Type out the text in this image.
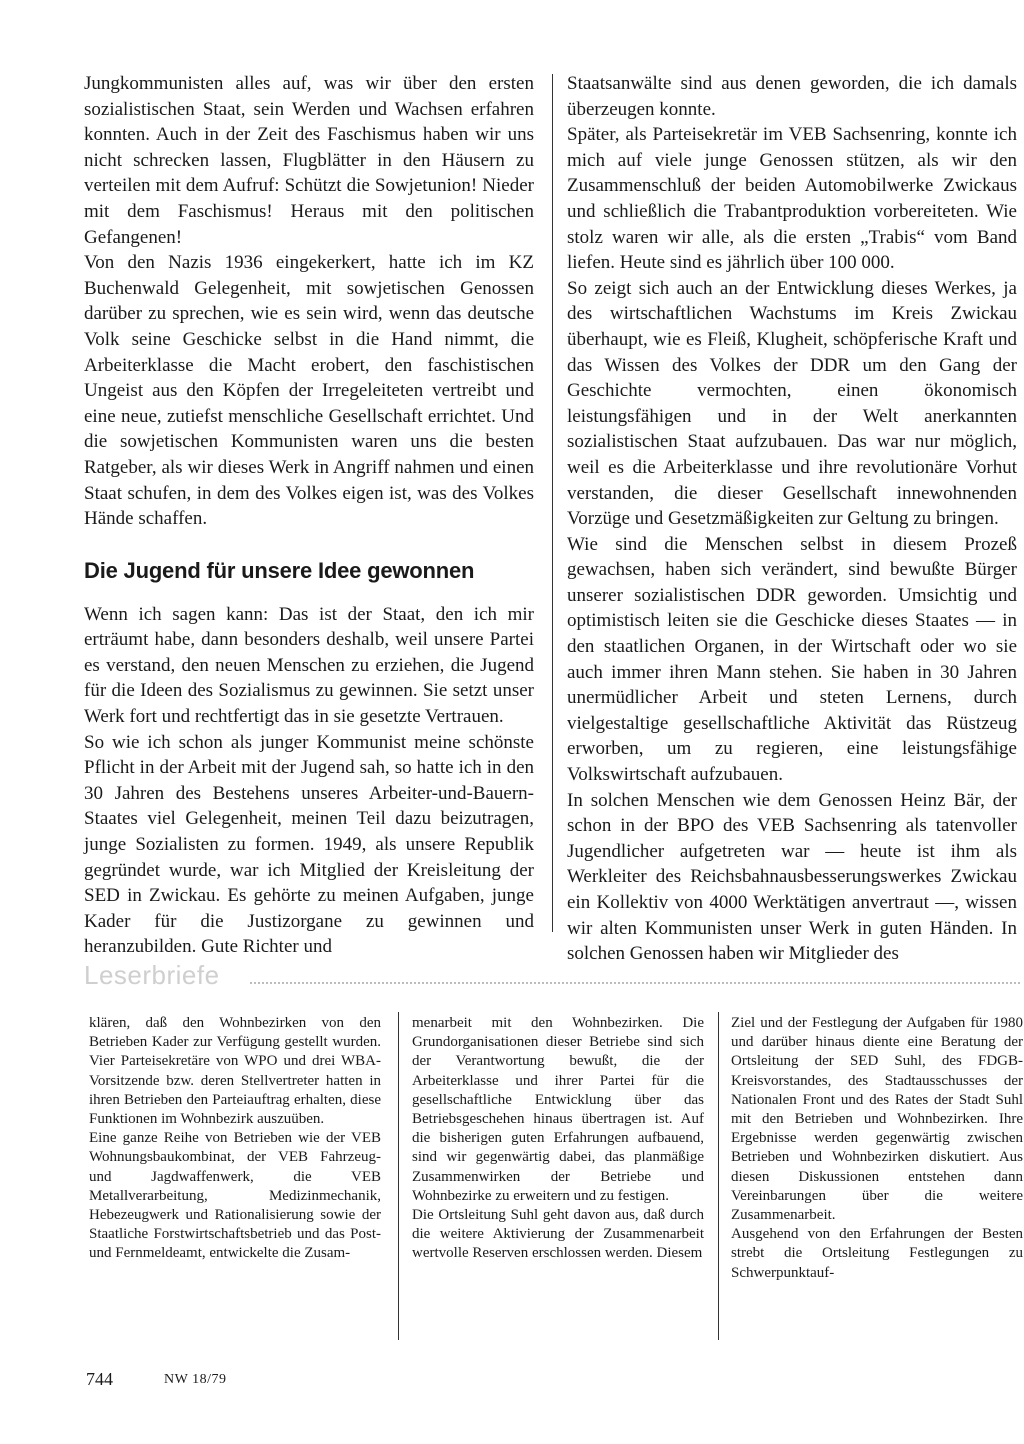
Jungkommunisten alles auf, was wir über den ersten sozialistischen Staat, sein Werden und Wachsen erfahren konnten. Auch in der Zeit des Faschismus haben wir uns nicht schrecken lassen, Flugblätter in den Häusern zu verteilen mit dem Aufruf: Schützt die Sowjetunion! Nieder mit dem Faschismus! Heraus mit den politischen Gefangenen!

Von den Nazis 1936 eingekerkert, hatte ich im KZ Buchenwald Gelegenheit, mit sowjetischen Genossen darüber zu sprechen, wie es sein wird, wenn das deutsche Volk seine Geschicke selbst in die Hand nimmt, die Arbeiterklasse die Macht erobert, den faschistischen Ungeist aus den Köpfen der Irregeleiteten vertreibt und eine neue, zutiefst menschliche Gesellschaft errichtet. Und die sowjetischen Kommunisten waren uns die besten Ratgeber, als wir dieses Werk in Angriff nahmen und einen Staat schufen, in dem des Volkes eigen ist, was des Volkes Hände schaffen.

Die Jugend für unsere Idee gewonnen

Wenn ich sagen kann: Das ist der Staat, den ich mir erträumt habe, dann besonders deshalb, weil unsere Partei es verstand, den neuen Menschen zu erziehen, die Jugend für die Ideen des Sozialismus zu gewinnen. Sie setzt unser Werk fort und rechtfertigt das in sie gesetzte Vertrauen.

So wie ich schon als junger Kommunist meine schönste Pflicht in der Arbeit mit der Jugend sah, so hatte ich in den 30 Jahren des Bestehens unseres Arbeiter-und-Bauern-Staates viel Gelegenheit, meinen Teil dazu beizutragen, junge Sozialisten zu formen. 1949, als unsere Republik gegründet wurde, war ich Mitglied der Kreisleitung der SED in Zwickau. Es gehörte zu meinen Aufgaben, junge Kader für die Justizorgane zu gewinnen und heranzubilden. Gute Richter und

Staatsanwälte sind aus denen geworden, die ich damals überzeugen konnte.

Später, als Parteisekretär im VEB Sachsenring, konnte ich mich auf viele junge Genossen stützen, als wir den Zusammenschluß der beiden Automobilwerke Zwickaus und schließlich die Trabantproduktion vorbereiteten. Wie stolz waren wir alle, als die ersten „Trabis“ vom Band liefen. Heute sind es jährlich über 100 000.

So zeigt sich auch an der Entwicklung dieses Werkes, ja des wirtschaftlichen Wachstums im Kreis Zwickau überhaupt, wie es Fleiß, Klugheit, schöpferische Kraft und das Wissen des Volkes der DDR um den Gang der Geschichte vermochten, einen ökonomisch leistungsfähigen und in der Welt anerkannten sozialistischen Staat aufzubauen. Das war nur möglich, weil es die Arbeiterklasse und ihre revolutionäre Vorhut verstanden, die dieser Gesellschaft innewohnenden Vorzüge und Gesetzmäßigkeiten zur Geltung zu bringen.

Wie sind die Menschen selbst in diesem Prozeß gewachsen, haben sich verändert, sind bewußte Bürger unserer sozialistischen DDR geworden. Umsichtig und optimistisch leiten sie die Geschicke dieses Staates — in den staatlichen Organen, in der Wirtschaft oder wo sie auch immer ihren Mann stehen. Sie haben in 30 Jahren unermüdlicher Arbeit und steten Lernens, durch vielgestaltige gesellschaftliche Aktivität das Rüstzeug erworben, um zu regieren, eine leistungsfähige Volkswirtschaft aufzubauen.

In solchen Menschen wie dem Genossen Heinz Bär, der schon in der BPO des VEB Sachsenring als tatenvoller Jugendlicher aufgetreten war — heute ist ihm als Werkleiter des Reichsbahnausbesserungswerkes Zwickau ein Kollektiv von 4000 Werktätigen anvertraut —, wissen wir alten Kommunisten unser Werk in guten Händen. In solchen Genossen haben wir Mitglieder des

Leserbriefe

klären, daß den Wohnbezirken von den Betrieben Kader zur Verfügung gestellt wurden. Vier Parteisekretäre von WPO und drei WBA-Vorsitzende bzw. deren Stellvertreter hatten in ihren Betrieben den Parteiauftrag erhalten, diese Funktionen im Wohnbezirk auszuüben.

Eine ganze Reihe von Betrieben wie der VEB Wohnungsbaukombinat, der VEB Fahrzeug- und Jagdwaffenwerk, die VEB Metallverarbeitung, Medizinmechanik, Hebezeugwerk und Rationalisierung sowie der Staatliche Forstwirtschaftsbetrieb und das Post- und Fernmeldeamt, entwickelte die Zusam-

menarbeit mit den Wohnbezirken. Die Grundorganisationen dieser Betriebe sind sich der Verantwortung bewußt, die der Arbeiterklasse und ihrer Partei für die gesellschaftliche Entwicklung über das Betriebsgeschehen hinaus übertragen ist. Auf die bisherigen guten Erfahrungen aufbauend, sind wir gegenwärtig dabei, das planmäßige Zusammenwirken der Betriebe und Wohnbezirke zu erweitern und zu festigen.

Die Ortsleitung Suhl geht davon aus, daß durch die weitere Aktivierung der Zusammenarbeit wertvolle Reserven erschlossen werden. Diesem

Ziel und der Festlegung der Aufgaben für 1980 und darüber hinaus diente eine Beratung der Ortsleitung der SED Suhl, des FDGB-Kreisvorstandes, des Stadtausschusses der Nationalen Front und des Rates der Stadt Suhl mit den Betrieben und Wohnbezirken. Ihre Ergebnisse werden gegenwärtig zwischen Betrieben und Wohnbezirken diskutiert. Aus diesen Diskussionen entstehen dann Vereinbarungen über die weitere Zusammenarbeit.

Ausgehend von den Erfahrungen der Besten strebt die Ortsleitung Festlegungen zu Schwerpunktauf-

744	NW 18/79
